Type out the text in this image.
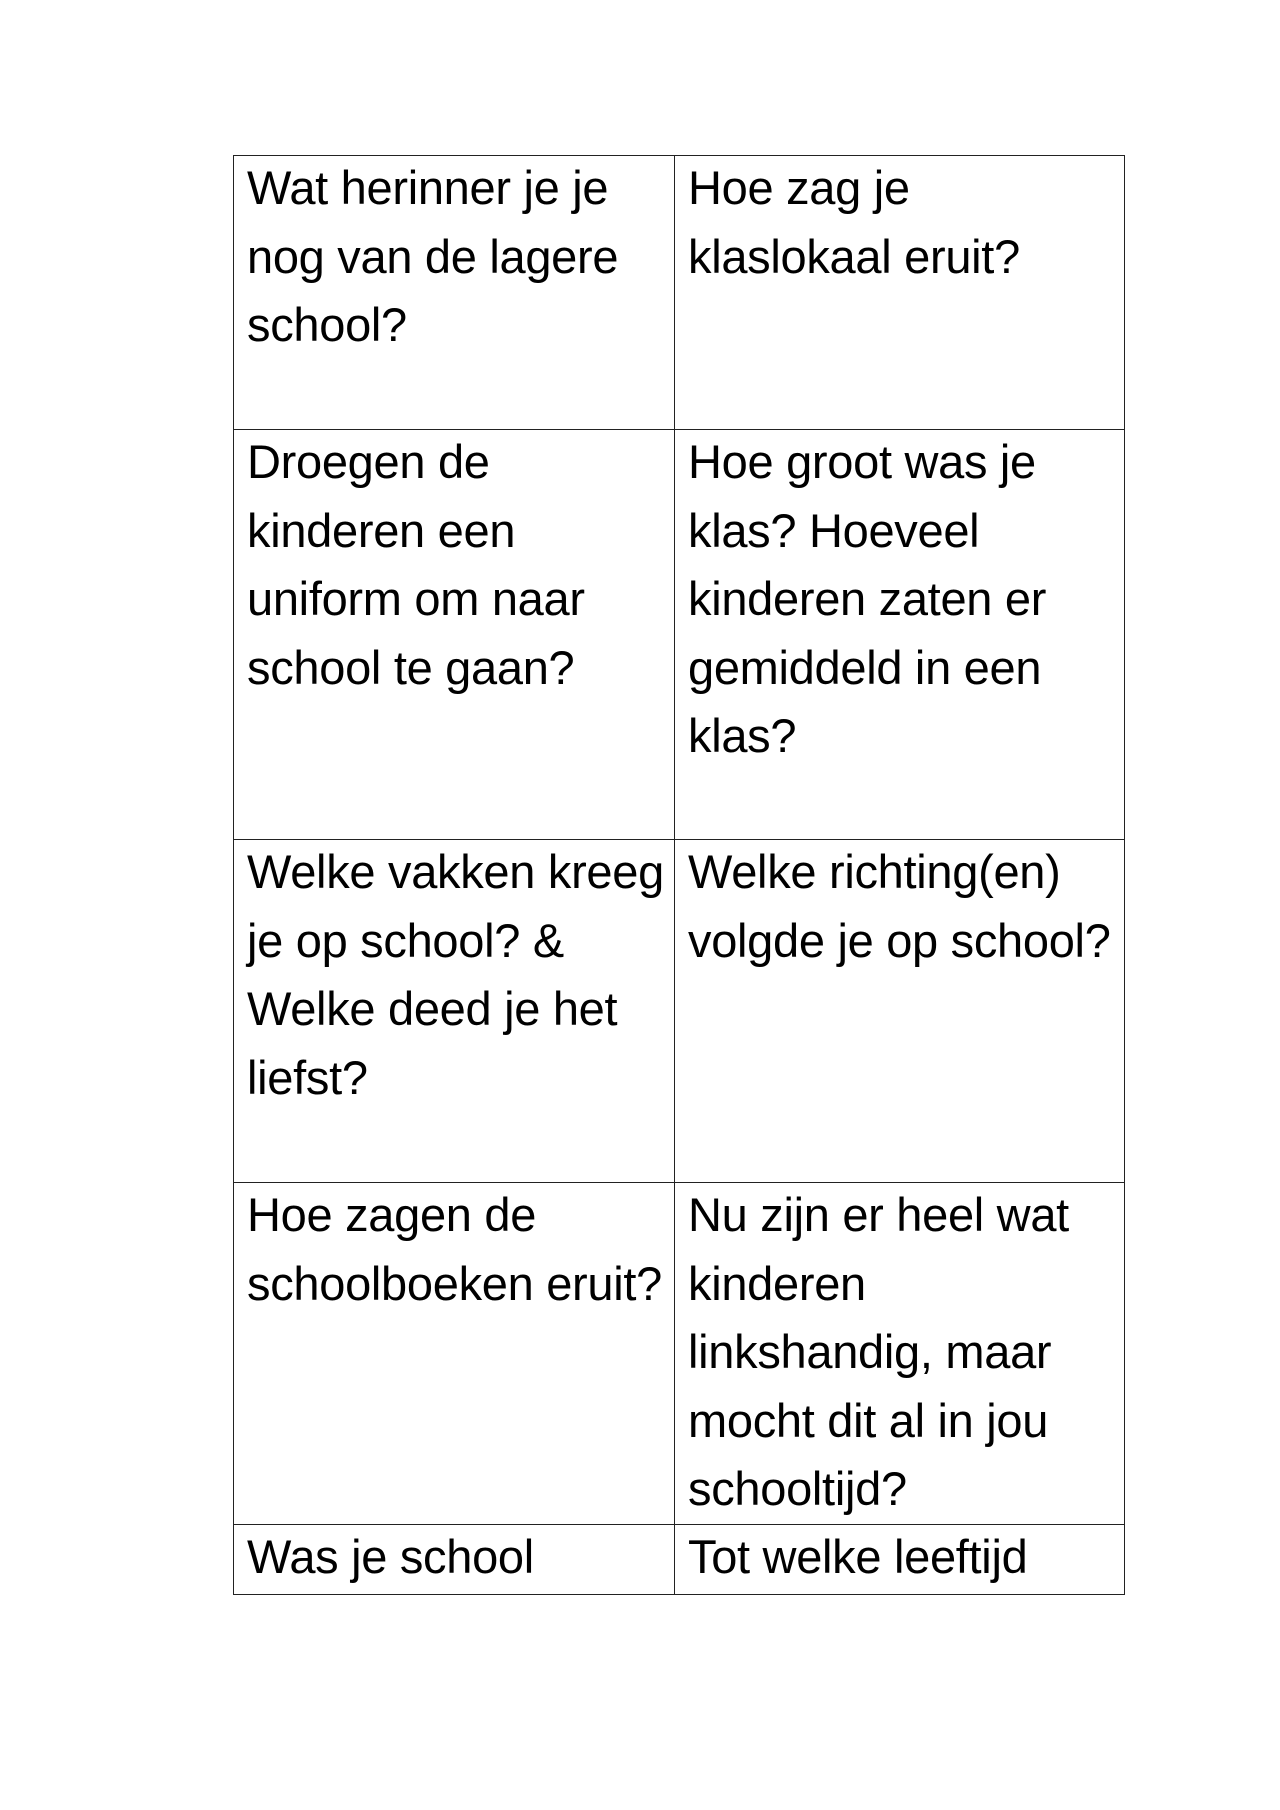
Wat herinner je je nog van de lagere school?	Hoe zag je klaslokaal eruit?

Droegen de kinderen een uniform om naar school te gaan?	Hoe groot was je klas? Hoeveel kinderen zaten er gemiddeld in een klas?

Welke vakken kreeg je op school? & Welke deed je het liefst?	Welke richting(en) volgde je op school?

Hoe zagen de schoolboeken eruit?	Nu zijn er heel wat kinderen linkshandig, maar mocht dit al in jou schooltijd?

Was je school	Tot welke leeftijd
